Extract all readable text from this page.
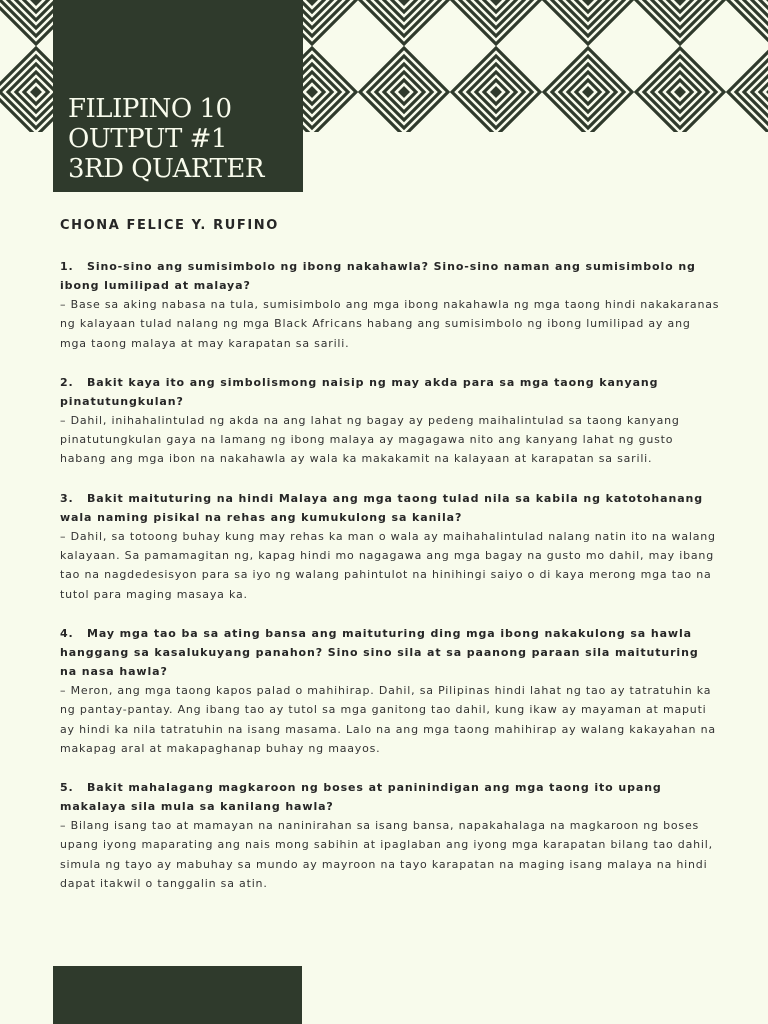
FILIPINO 10
OUTPUT #1
3RD QUARTER
CHONA FELICE Y. RUFINO
1. Sino-sino ang sumisimbolo ng ibong nakahawla? Sino-sino naman ang sumisimbolo ng ibong lumilipad at malaya?
– Base sa aking nabasa na tula, sumisimbolo ang mga ibong nakahawla ng mga taong hindi nakakaranas ng kalayaan tulad nalang ng mga Black Africans habang ang sumisimbolo ng ibong lumilipad ay ang mga taong malaya at may karapatan sa sarili.
2. Bakit kaya ito ang simbolismong naisip ng may akda para sa mga taong kanyang pinatutungkulan?
– Dahil, inihahalintulad ng akda na ang lahat ng bagay ay pedeng maihalintulad sa taong kanyang pinatutungkulan gaya na lamang ng ibong malaya ay magagawa nito ang kanyang lahat ng gusto habang ang mga ibon na nakahawla ay wala ka makakamit na kalayaan at karapatan sa sarili.
3. Bakit maituturing na hindi Malaya ang mga taong tulad nila sa kabila ng katotohanang wala naming pisikal na rehas ang kumukulong sa kanila?
– Dahil, sa totoong buhay kung may rehas ka man o wala ay maihahalintulad nalang natin ito na walang kalayaan. Sa pamamagitan ng, kapag hindi mo nagagawa ang mga bagay na gusto mo dahil, may ibang tao na nagdedesisyon para sa iyo ng walang pahintulot na hinihingi saiyo o di kaya merong mga tao na tutol para maging masaya ka.
4. May mga tao ba sa ating bansa ang maituturing ding mga ibong nakakulong sa hawla hanggang sa kasalukuyang panahon? Sino sino sila at sa paanong paraan sila maituturing na nasa hawla?
– Meron, ang mga taong kapos palad o mahihirap. Dahil, sa Pilipinas hindi lahat ng tao ay tatratuhin ka ng pantay-pantay. Ang ibang tao ay tutol sa mga ganitong tao dahil, kung ikaw ay mayaman at maputi ay hindi ka nila tatratuhin na isang masama. Lalo na ang mga taong mahihirap ay walang kakayahan na makapag aral at makapaghanap buhay ng maayos.
5. Bakit mahalagang magkaroon ng boses at paninindigan ang mga taong ito upang makalaya sila mula sa kanilang hawla?
– Bilang isang tao at mamayan na naninirahan sa isang bansa, napakahalaga na magkaroon ng boses upang iyong maparating ang nais mong sabihin at ipaglaban ang iyong mga karapatan bilang tao dahil, simula ng tayo ay mabuhay sa mundo ay mayroon na tayo karapatan na maging isang malaya na hindi dapat itakwil o tanggalin sa atin.
